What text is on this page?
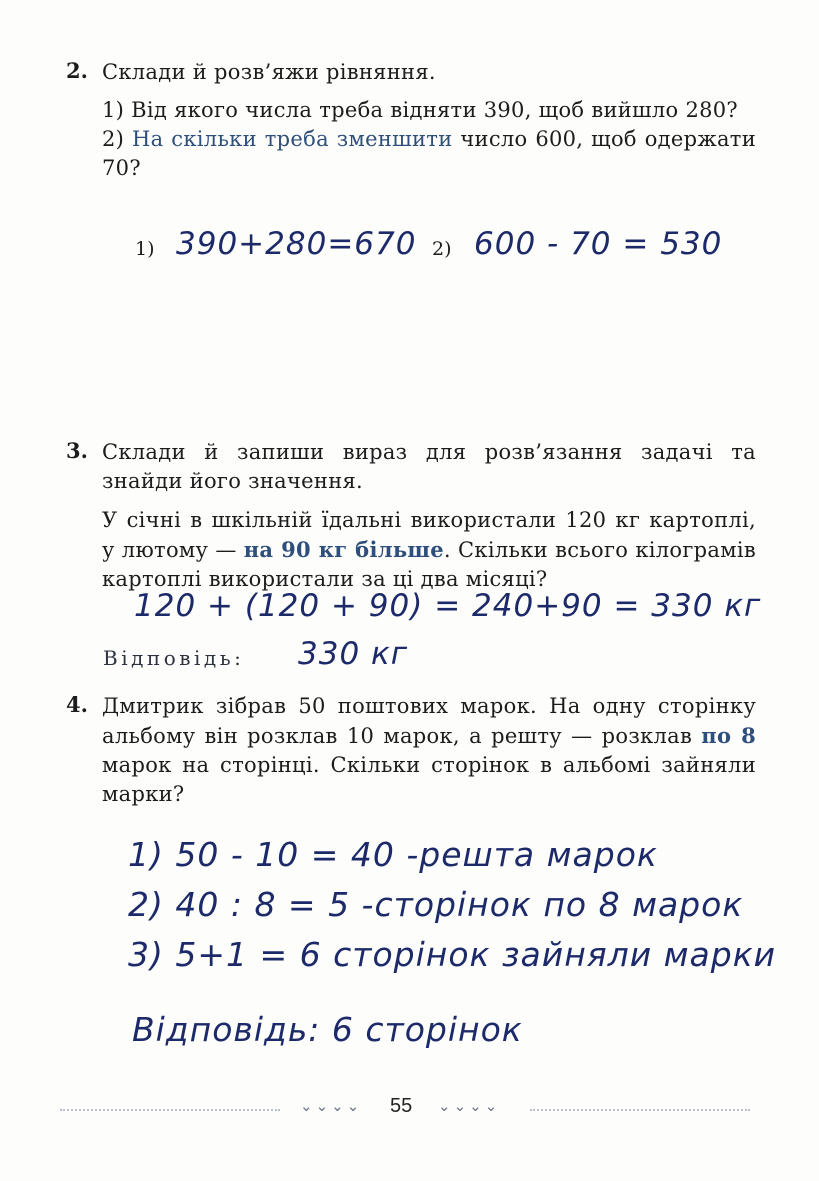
2. Склади й розв’яжи рівняння.
1) Від якого числа треба відняти 390, щоб вийшло 280?
2) На скільки треба зменшити число 600, щоб одержати 70?
1) 390+280=670 2) 600 - 70 = 530
3. Склади й запиши вираз для розв’язання задачі та знайди його значення.
У січні в шкільній їдальні використали 120 кг картоплі, у лютому — на 90 кг більше. Скільки всього кілограмів картоплі використали за ці два місяці?
120 + (120 + 90) = 240+90 = 330 кг
Відповідь: 330 кг
4. Дмитрик зібрав 50 поштових марок. На одну сторінку альбому він розклав 10 марок, а решту — розклав по 8 марок на сторінці. Скільки сторінок в альбомі зайняли марки?
1) 50 - 10 = 40 -решта марок
2) 40 : 8 = 5 -сторінок по 8 марок
3) 5+1 = 6 сторінок зайняли марки
Відповідь: 6 сторінок
⌄⌄⌄⌄ 55 ⌄⌄⌄⌄
